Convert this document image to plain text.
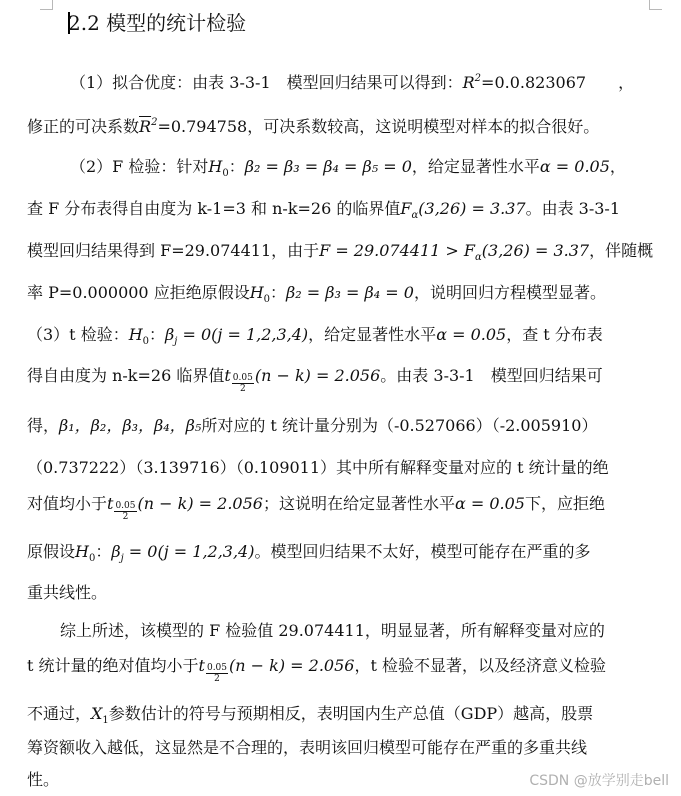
2.2 模型的统计检验
（1）拟合优度：由表 3-3-1　模型回归结果可以得到：$R^2=0.0.823067$　　，
修正的可决系数$\overline{R}^2=0.794758$，可决系数较高，这说明模型对样本的拟合很好。
（2）F 检验：针对$H_0$：β₂ = β₃ = β₄ = β₅ = 0，给定显著性水平α = 0.05，
查 F 分布表得自由度为 k-1=3 和 n-k=26 的临界值$F_\alpha(3,26) = 3.37$。由表 3-3-1
模型回归结果得到 F=29.074411，由于$F = 29.074411 > F_\alpha(3,26) = 3.37$，伴随概
率 P=0.000000 应拒绝原假设$H_0$：β₂ = β₃ = β₄ = 0，说明回归方程模型显著。
（3）t 检验：$H_0$：$\beta_j = 0(j = 1,2,3,4)$，给定显著性水平α = 0.05，查 t 分布表
得自由度为 n-k=26 临界值t $\frac{0.05}{2} (n - k) = 2.056$。由表 3-3-1　模型回归结果可
得，β₁，β₂，β₃，β₄，β₅所对应的 t 统计量分别为（-0.527066）（-2.005910）
（0.737222）（3.139716）（0.109011）其中所有解释变量对应的 t 统计量的绝
对值均小于t $\frac{0.05}{2} (n - k) = 2.056$；这说明在给定显著性水平α = 0.05下，应拒绝
原假设$H_0$：$\beta_j = 0(j = 1,2,3,4)$。模型回归结果不太好，模型可能存在严重的多
重共线性。
综上所述，该模型的 F 检验值 29.074411，明显显著，所有解释变量对应的
t 统计量的绝对值均小于t $\frac{0.05}{2} (n - k) = 2.056$，t 检验不显著，以及经济意义检验
不通过，$X_1$参数估计的符号与预期相反，表明国内生产总值（GDP）越高，股票
筹资额收入越低，这显然是不合理的，表明该回归模型可能存在严重的多重共线
性。	CSDN @放学别走bell
